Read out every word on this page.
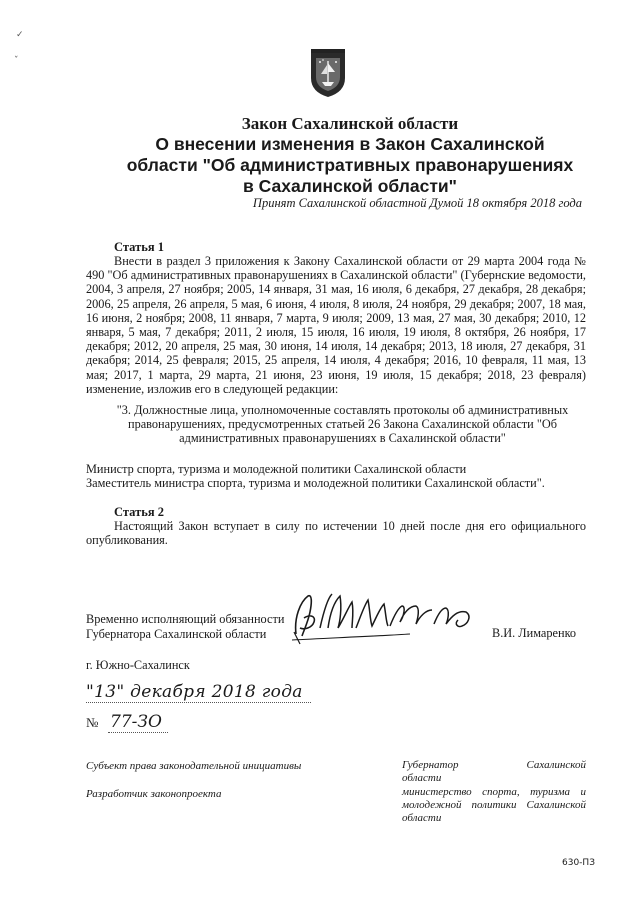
✓
ˇ
Закон Сахалинской области
О внесении изменения в Закон Сахалинской
области "Об административных правонарушениях
в Сахалинской области"
Принят Сахалинской областной Думой 18 октября 2018 года
Статья 1
Внести в раздел 3 приложения к Закону Сахалинской области от 29 марта 2004 года № 490 "Об административных правонарушениях в Сахалинской области" (Губернские ведомости, 2004, 3 апреля, 27 ноября; 2005, 14 января, 31 мая, 16 июля, 6 декабря, 27 декабря, 28 декабря; 2006, 25 апреля, 26 апреля, 5 мая, 6 июня, 4 июля, 8 июля, 24 ноября, 29 декабря; 2007, 18 мая, 16 июня, 2 ноября; 2008, 11 января, 7 марта, 9 июля; 2009, 13 мая, 27 мая, 30 декабря; 2010, 12 января, 5 мая, 7 декабря; 2011, 2 июля, 15 июля, 16 июля, 19 июля, 8 октября, 26 ноября, 17 декабря; 2012, 20 апреля, 25 мая, 30 июня, 14 июля, 14 декабря; 2013, 18 июля, 27 декабря, 31 декабря; 2014, 25 февраля; 2015, 25 апреля, 14 июля, 4 декабря; 2016, 10 февраля, 11 мая, 13 мая; 2017, 1 марта, 29 марта, 21 июня, 23 июня, 19 июля, 15 декабря; 2018, 23 февраля) изменение, изложив его в следующей редакции:
"3. Должностные лица, уполномоченные составлять протоколы об административных правонарушениях, предусмотренных статьей 26 Закона Сахалинской области "Об административных правонарушениях в Сахалинской области"
Министр спорта, туризма и молодежной политики Сахалинской области
Заместитель министра спорта, туризма и молодежной политики Сахалинской области".
Статья 2
Настоящий Закон вступает в силу по истечении 10 дней после дня его официального опубликования.
Временно исполняющий обязанности
Губернатора Сахалинской области	В.И. Лимаренко
г. Южно-Сахалинск
"13" декабря 2018 года
№ 77-ЗО
Субъект права законодательной инициативы
Разработчик законопроекта
Губернатор	Сахалинской
области
министерство спорта, туризма и молодежной политики Сахалинской области
630-ПЗ
